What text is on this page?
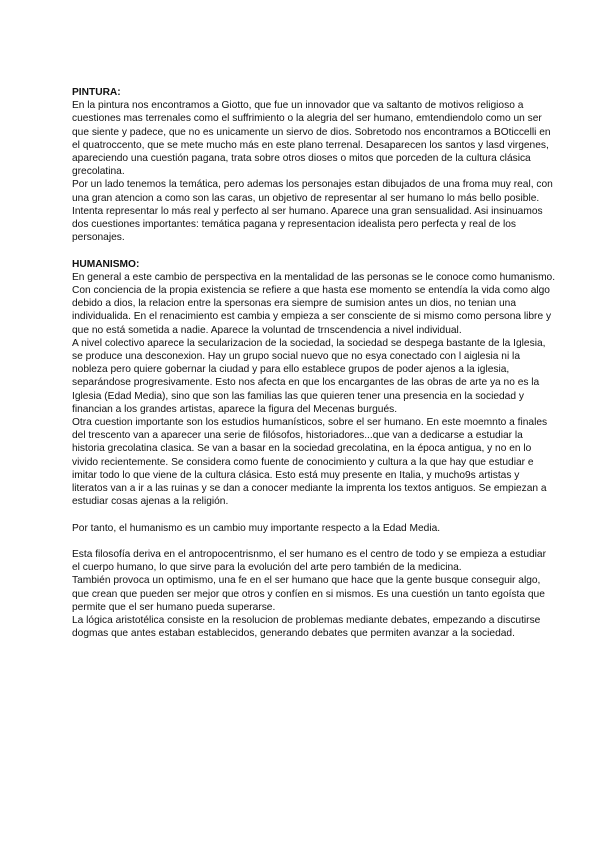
PINTURA:

En la pintura nos encontramos a Giotto, que fue un innovador que va saltanto de motivos religioso a cuestiones mas terrenales como el suffrimiento o la alegria del ser humano, emtendiendolo como un ser que siente y padece, que no es unicamente un siervo de dios. Sobretodo nos encontramos a BOticcelli en el quatroccento, que se mete mucho más en este plano terrenal. Desaparecen los santos y lasd virgenes, apareciendo una cuestión pagana, trata sobre otros dioses o mitos que porceden de la cultura clásica grecolatina.

Por un lado tenemos la temática, pero ademas los personajes estan dibujados de una froma muy real, con una gran atencion a como son las caras, un objetivo de representar al ser humano lo más bello posible. Intenta representar lo más real y perfecto al ser humano. Aparece una gran sensualidad. Asi insinuamos dos cuestiones importantes: temática pagana y representacion idealista pero perfecta y real de los personajes.

HUMANISMO:

En general a este cambio de perspectiva en la mentalidad de las personas se le conoce como humanismo.

Con conciencia de la propia existencia se refiere a que hasta ese momento se entendía la vida como algo debido a dios, la relacion entre la spersonas era siempre de sumision antes un dios, no tenian una individualida. En el renacimiento est cambia y empieza a ser consciente de si mismo como persona libre y que no está sometida a nadie. Aparece la voluntad de trnscendencia a nivel individual.

A nivel colectivo aparece la secularizacion de la sociedad, la sociedad se despega bastante de la Iglesia, se produce una desconexion. Hay un grupo social nuevo que no esya conectado con l aiglesia ni la nobleza pero quiere gobernar la ciudad y para ello establece grupos de poder ajenos a la iglesia, separándose progresivamente. Esto nos afecta en que los encargantes de las obras de arte ya no es la Iglesia (Edad Media), sino que son las familias las que quieren tener una presencia en la sociedad y financian a los grandes artistas, aparece la figura del Mecenas burgués.

Otra cuestion importante son los estudios humanísticos, sobre el ser humano. En este moemnto a finales del trescento van a aparecer una serie de filósofos, historiadores...que van a dedicarse a estudiar la historia grecolatina clasica. Se van a basar en la sociedad grecolatina, en la época antigua, y no en lo vivido recientemente. Se considera como fuente de conocimiento y cultura a la que hay que estudiar e imitar todo lo que viene de la cultura clásica. Esto está muy presente en Italia, y mucho9s artistas y literatos van a ir a las ruinas y se dan a conocer mediante la imprenta los textos antiguos. Se empiezan a estudiar cosas ajenas a la religión.

Por tanto, el humanismo es un cambio muy importante respecto a la Edad Media.

Esta filosofía deriva en el antropocentrisnmo, el ser humano es el centro de todo y se empieza a estudiar el cuerpo humano, lo que sirve para la evolución del arte pero también de la medicina.

También provoca un optimismo, una fe en el ser humano que hace que la gente busque conseguir algo, que crean que pueden ser mejor que otros y confíen en si mismos. Es una cuestión un tanto egoísta que permite que el ser humano pueda superarse.

La lógica aristotélica consiste en la resolucion de problemas mediante debates, empezando a discutirse dogmas que antes estaban establecidos, generando debates que permiten avanzar a la sociedad.
